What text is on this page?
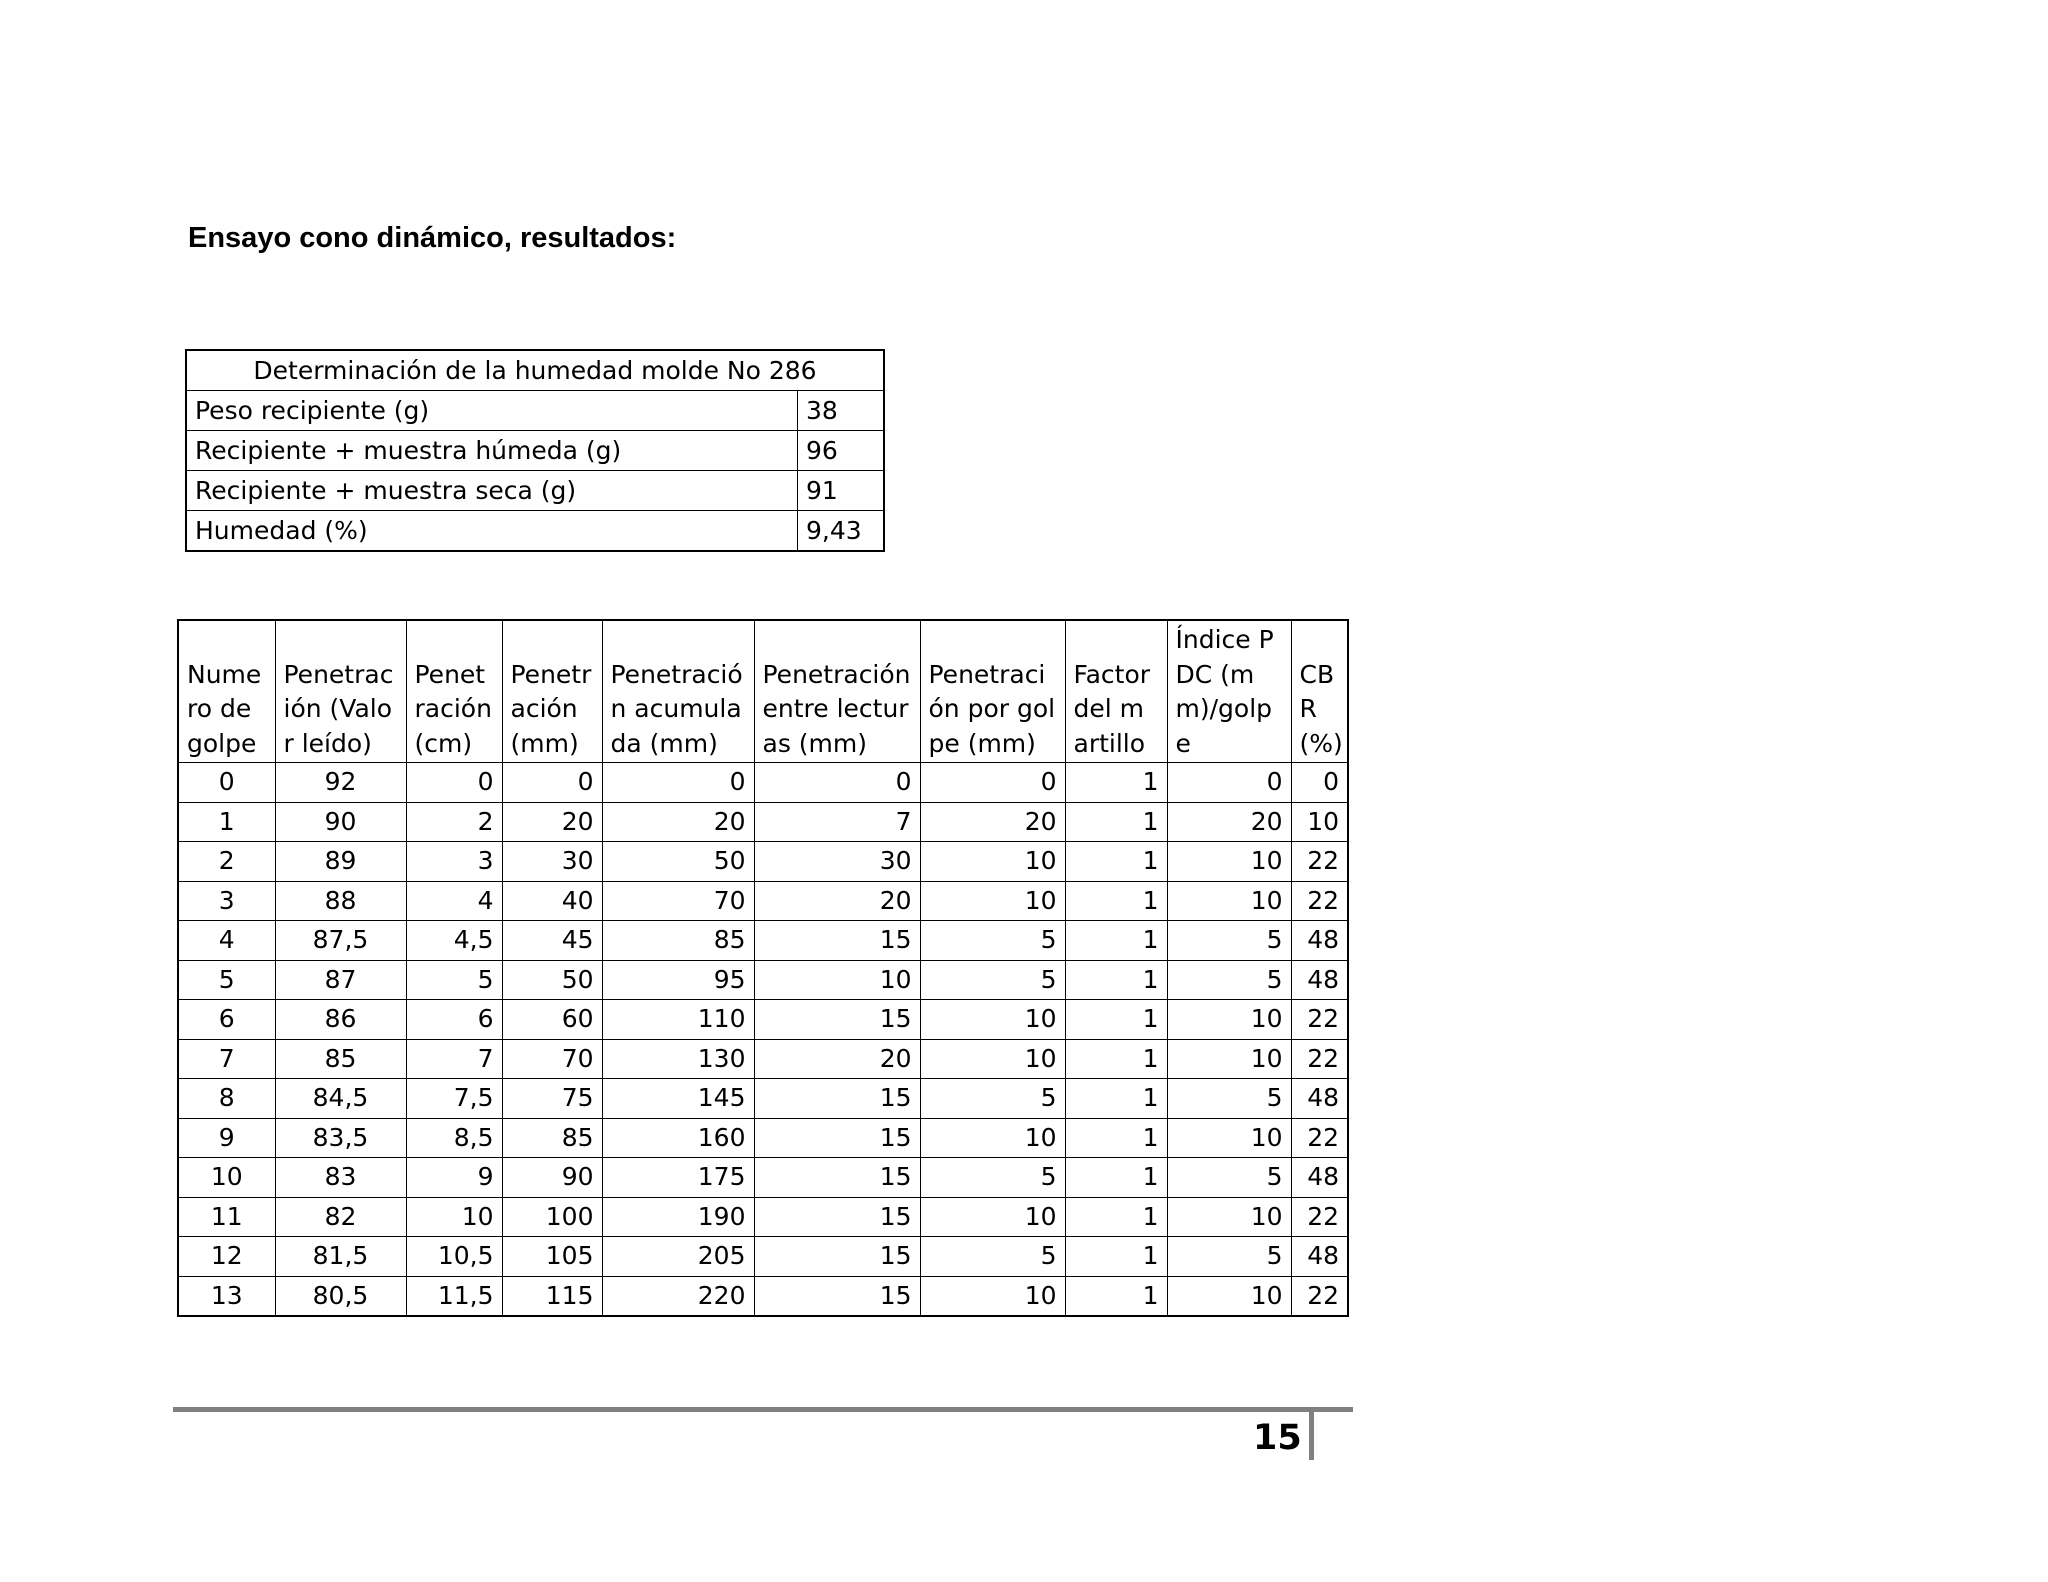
Ensayo cono dinámico, resultados:
Determinación de la humedad molde No 286	
Peso recipiente (g)	38
Recipiente + muestra húmeda (g)	96
Recipiente + muestra seca (g)	91
Humedad (%)	9,43
Numero de golpe	Penetración (Valor leído)	Penetración (cm)	Penetración (mm)	Penetración acumulada (mm)	Penetración entre lecturas (mm)	Penetración por golpe (mm)	Factor del martillo	Índice PDC (mm)/golpe	CBR (%)
0	92	0	0	0	0	0	1	0	0
1	90	2	20	20	7	20	1	20	10
2	89	3	30	50	30	10	1	10	22
3	88	4	40	70	20	10	1	10	22
4	87,5	4,5	45	85	15	5	1	5	48
5	87	5	50	95	10	5	1	5	48
6	86	6	60	110	15	10	1	10	22
7	85	7	70	130	20	10	1	10	22
8	84,5	7,5	75	145	15	5	1	5	48
9	83,5	8,5	85	160	15	10	1	10	22
10	83	9	90	175	15	5	1	5	48
11	82	10	100	190	15	10	1	10	22
12	81,5	10,5	105	205	15	5	1	5	48
13	80,5	11,5	115	220	15	10	1	10	22
15
